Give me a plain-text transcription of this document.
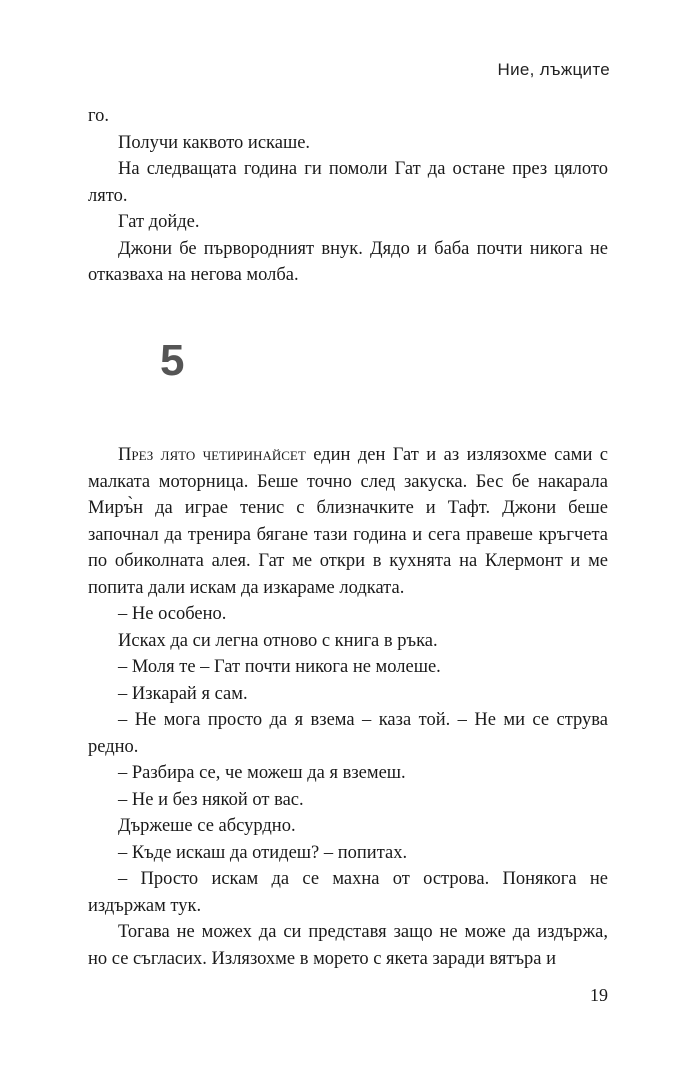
Ние, лъжците

го.

Получи каквото искаше.

На следващата година ги помоли Гат да остане през цялото лято.

Гат дойде.

Джони бе първородният внук. Дядо и баба почти никога не отказваха на негова молба.

5

През лято четиринайсет един ден Гат и аз излязохме сами с малката моторница. Беше точно след закуска. Бес бе накарала Миръ̀н да играе тенис с близначките и Тафт. Джони беше започнал да тренира бягане тази година и сега правеше кръгчета по обиколната алея. Гат ме откри в кухнята на Клермонт и ме попита дали искам да изкараме лодката.

– Не особено.

Исках да си легна отново с книга в ръка.

– Моля те – Гат почти никога не молеше.

– Изкарай я сам.

– Не мога просто да я взема – каза той. – Не ми се струва редно.

– Разбира се, че можеш да я вземеш.

– Не и без някой от вас.

Държеше се абсурдно.

– Къде искаш да отидеш? – попитах.

– Просто искам да се махна от острова. Понякога не издържам тук.

Тогава не можех да си представя защо не може да издържа, но се съгласих. Излязохме в морето с якета заради вятъра и

19
